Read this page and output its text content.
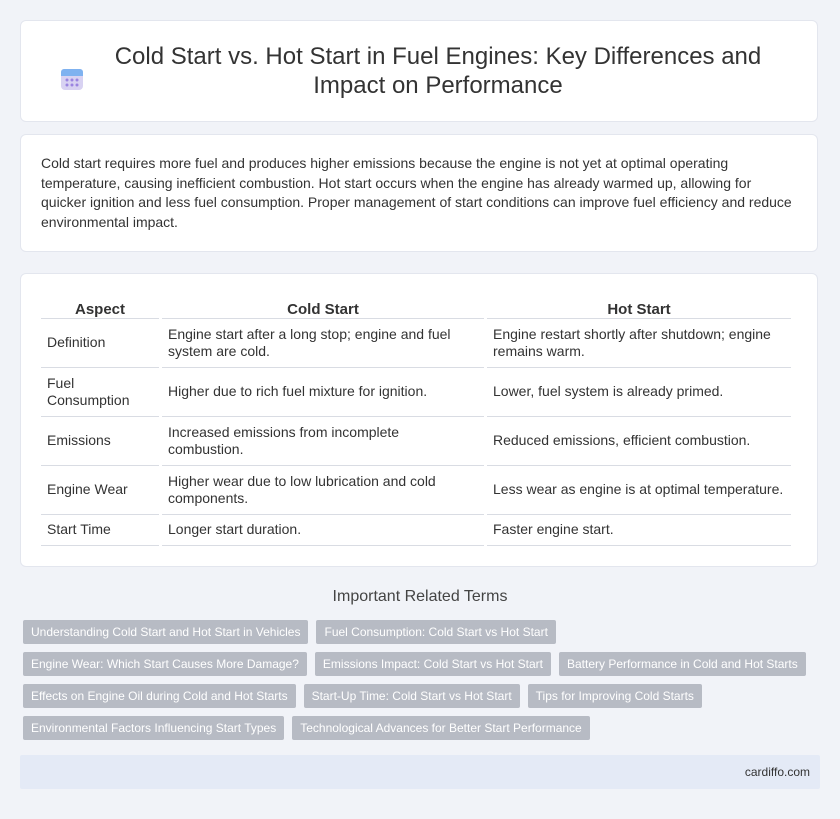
Cold Start vs. Hot Start in Fuel Engines: Key Differences and Impact on Performance

Cold start requires more fuel and produces higher emissions because the engine is not yet at optimal operating temperature, causing inefficient combustion. Hot start occurs when the engine has already warmed up, allowing for quicker ignition and less fuel consumption. Proper management of start conditions can improve fuel efficiency and reduce environmental impact.

Aspect	Cold Start	Hot Start
Definition	Engine start after a long stop; engine and fuel system are cold.	Engine restart shortly after shutdown; engine remains warm.
Fuel Consumption	Higher due to rich fuel mixture for ignition.	Lower, fuel system is already primed.
Emissions	Increased emissions from incomplete combustion.	Reduced emissions, efficient combustion.
Engine Wear	Higher wear due to low lubrication and cold components.	Less wear as engine is at optimal temperature.
Start Time	Longer start duration.	Faster engine start.
Important Related Terms
Understanding Cold Start and Hot Start in Vehicles	Fuel Consumption: Cold Start vs Hot Start
Engine Wear: Which Start Causes More Damage?	Emissions Impact: Cold Start vs Hot Start	Battery Performance in Cold and Hot Starts
Effects on Engine Oil during Cold and Hot Starts	Start-Up Time: Cold Start vs Hot Start	Tips for Improving Cold Starts
Environmental Factors Influencing Start Types	Technological Advances for Better Start Performance
cardiffo.com
